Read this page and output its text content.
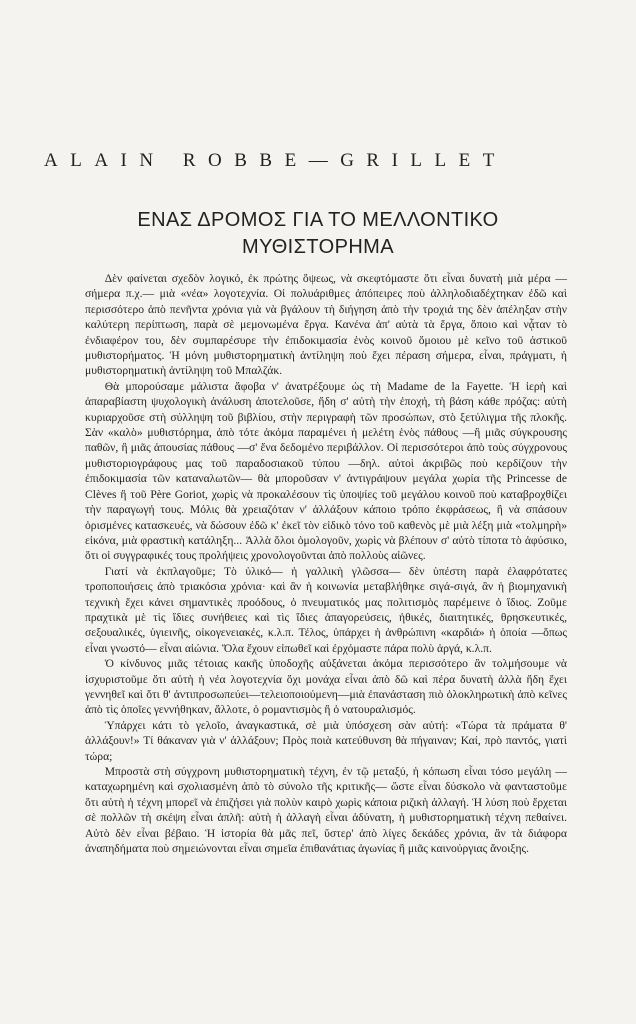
ALAIN ROBBE—GRILLET
ΕΝΑΣ ΔΡΟΜΟΣ ΓΙΑ ΤΟ ΜΕΛΛΟΝΤΙΚΟ
ΜΥΘΙΣΤΟΡΗΜΑ

Δὲν φαίνεται σχεδὸν λογικό, ἐκ πρώτης ὄψεως, νὰ σκεφτόμαστε ὅτι εἶναι δυνατὴ μιὰ μέρα —σήμερα π.χ.— μιὰ «νέα» λογοτεχνία. Οἱ πολυάριθμες ἀπόπειρες ποὺ ἀλληλοδιαδέχτηκαν ἐδῶ καὶ περισσότερο ἀπὸ πενῆντα χρόνια γιὰ νὰ βγάλουν τὴ διήγηση ἀπὸ τὴν τροχιά της δὲν ἀπέληξαν στὴν καλύτερη περίπτωση, παρὰ σὲ μεμονωμένα ἔργα. Κανένα ἀπ' αὐτὰ τὰ ἔργα, ὅποιο καὶ νᾆταν τὸ ἐνδιαφέρον του, δὲν συμπαρέσυρε τὴν ἐπιδοκιμασία ἑνὸς κοινοῦ ὅμοιου μὲ κεῖνο τοῦ ἀστικοῦ μυθιστορήματος. Ἡ μόνη μυθιστορηματικὴ ἀντίληψη ποὺ ἔχει πέραση σήμερα, εἶναι, πράγματι, ἡ μυθιστορηματικὴ ἀντίληψη τοῦ Μπαλζάκ.

Θὰ μπορούσαμε μάλιστα ἄφοβα ν' ἀνατρέξουμε ὡς τὴ Madame de la Fayette. Ἡ ἱερὴ καὶ ἀπαραβίαστη ψυχολογικὴ ἀνάλυση ἀποτελοῦσε, ἤδη σ' αὐτὴ τὴν ἐποχή, τὴ βάση κάθε πρόζας: αὐτὴ κυριαρχοῦσε στὴ σύλληψη τοῦ βιβλίου, στὴν περιγραφὴ τῶν προσώπων, στὸ ξετύλιγμα τῆς πλοκῆς. Σὰν «καλὸ» μυθιστόρημα, ἀπὸ τότε ἀκόμα παραμένει ἡ μελέτη ἑνὸς πάθους —ἢ μιᾶς σύγκρουσης παθῶν, ἢ μιᾶς ἀπουσίας πάθους —σ' ἕνα δεδομένο περιβάλλον. Οἱ περισσότεροι ἀπὸ τοὺς σύγχρονους μυθιστοριογράφους μας τοῦ παραδοσιακοῦ τύπου —δηλ. αὐτοὶ ἀκριβῶς ποὺ κερδίζουν τὴν ἐπιδοκιμασία τῶν καταναλωτῶν— θὰ μποροῦσαν ν' ἀντιγράψουν μεγάλα χωρία τῆς Princesse de Clèves ἢ τοῦ Père Goriot, χωρὶς νὰ προκαλέσουν τὶς ὑποψίες τοῦ μεγάλου κοινοῦ ποὺ καταβροχθίζει τὴν παραγωγή τους. Μόλις θὰ χρειαζόταν ν' ἀλλάξουν κάποιο τρόπο ἐκφράσεως, ἢ νὰ σπάσουν ὁρισμένες κατασκευές, νὰ δώσουν ἐδῶ κ' ἐκεῖ τὸν εἰδικὸ τόνο τοῦ καθενὸς μὲ μιὰ λέξη μιὰ «τολμηρὴ» εἰκόνα, μιὰ φραστικὴ κατάληξη... Ἀλλὰ ὅλοι ὁμολογοῦν, χωρὶς νὰ βλέπουν σ' αὐτὸ τίποτα τὸ ἀφύσικο, ὅτι οἱ συγγραφικές τους προλήψεις χρονολογοῦνται ἀπὸ πολλοὺς αἰῶνες.

Γιατί νὰ ἐκπλαγοῦμε; Τὸ ὑλικό— ἡ γαλλικὴ γλῶσσα— δὲν ὑπέστη παρὰ ἐλαφρότατες τροποποιήσεις ἀπὸ τριακόσια χρόνια· καὶ ἂν ἡ κοινωνία μεταβλήθηκε σιγά-σιγά, ἂν ἡ βιομηχανικὴ τεχνικὴ ἔχει κάνει σημαντικὲς προόδους, ὁ πνευματικός μας πολιτισμὸς παρέμεινε ὁ ἴδιος. Ζοῦμε πραχτικὰ μὲ τὶς ἴδιες συνήθειες καὶ τὶς ἴδιες ἀπαγορεύσεις, ἠθικές, διαιτητικές, θρησκευτικές, σεξουαλικές, ὑγιεινῆς, οἰκογενειακές, κ.λ.π. Τέλος, ὑπάρχει ἡ ἀνθρώπινη «καρδιά» ἡ ὁποία —ὅπως εἶναι γνωστό— εἶναι αἰώνια. Ὅλα ἔχουν εἰπωθεῖ καὶ ἐρχόμαστε πάρα πολὺ ἀργά, κ.λ.π.

Ὁ κίνδυνος μιᾶς τέτοιας κακῆς ὑποδοχῆς αὐξάνεται ἀκόμα περισσότερο ἂν τολμήσουμε νὰ ἰσχυριστοῦμε ὅτι αὐτὴ ἡ νέα λογοτεχνία ὄχι μονάχα εἶναι ἀπὸ δῶ καὶ πέρα δυνατὴ ἀλλὰ ἤδη ἔχει γεννηθεῖ καὶ ὅτι θ' ἀντιπροσωπεύει—τελειοποιούμενη—μιὰ ἐπανάσταση πιὸ ὁλοκληρωτικὴ ἀπὸ κεῖνες ἀπὸ τὶς ὁποῖες γεννήθηκαν, ἄλλοτε, ὁ ρομαντισμὸς ἢ ὁ νατουραλισμός.

Ὑπάρχει κάτι τὸ γελοῖο, ἀναγκαστικά, σὲ μιὰ ὑπόσχεση σὰν αὐτή: «Τώρα τὰ πράματα θ' ἀλλάξουν!» Τί θάκαναν γιὰ ν' ἀλλάξουν; Πρὸς ποιὰ κατεύθυνση θὰ πήγαιναν; Καί, πρὸ παντός, γιατὶ τώρα;

Μπροστὰ στὴ σύγχρονη μυθιστορηματικὴ τέχνη, ἐν τῷ μεταξύ, ἡ κόπωση εἶναι τόσο μεγάλη —καταχωρημένη καὶ σχολιασμένη ἀπὸ τὸ σύνολο τῆς κριτικῆς— ὥστε εἶναι δύσκολο νὰ φανταστοῦμε ὅτι αὐτὴ ἡ τέχνη μπορεῖ νὰ ἐπιζήσει γιὰ πολὺν καιρὸ χωρὶς κάποια ριζικὴ ἀλλαγή. Ἡ λύση ποὺ ἔρχεται σὲ πολλῶν τὴ σκέψη εἶναι ἁπλῆ: αὐτὴ ἡ ἀλλαγὴ εἶναι ἀδύνατη, ἡ μυθιστορηματικὴ τέχνη πεθαίνει. Αὐτὸ δὲν εἶναι βέβαιο. Ἡ ἱστορία θὰ μᾶς πεῖ, ὕστερ' ἀπὸ λίγες δεκάδες χρόνια, ἂν τὰ διάφορα ἀναπηδήματα ποὺ σημειώνονται εἶναι σημεῖα ἐπιθανάτιας ἀγωνίας ἢ μιᾶς καινούργιας ἄνοιξης.
